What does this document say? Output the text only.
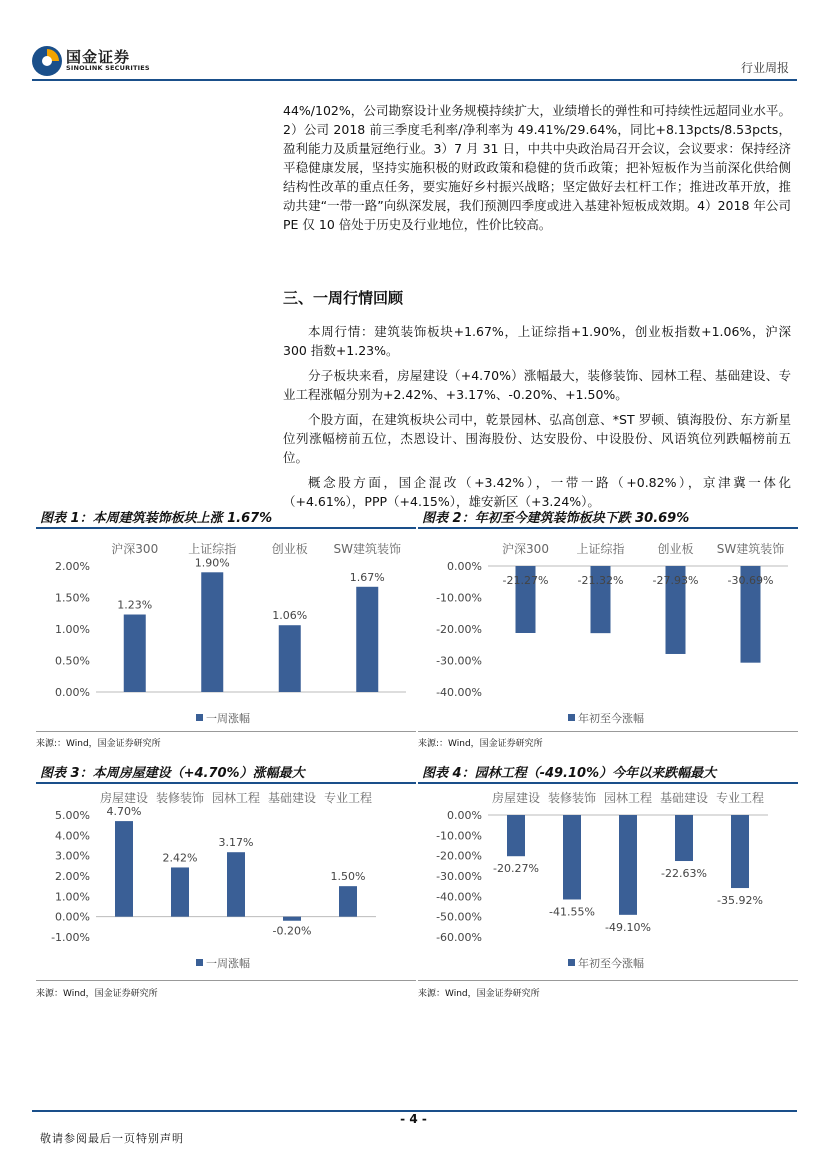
国金证券
SINOLINK SECURITIES	行业周报

44%/102%，公司勘察设计业务规模持续扩大，业绩增长的弹性和可持续性远超同业水平。2）公司 2018 前三季度毛利率/净利率为 49.41%/29.64%，同比+8.13pcts/8.53pcts，盈利能力及质量冠绝行业。3）7 月 31 日，中共中央政治局召开会议，会议要求：保持经济平稳健康发展，坚持实施积极的财政政策和稳健的货币政策；把补短板作为当前深化供给侧结构性改革的重点任务，要实施好乡村振兴战略；坚定做好去杠杆工作；推进改革开放，推动共建“一带一路”向纵深发展，我们预测四季度或进入基建补短板成效期。4）2018 年公司 PE 仅 10 倍处于历史及行业地位，性价比较高。

三、一周行情回顾

本周行情：建筑装饰板块+1.67%，上证综指+1.90%，创业板指数+1.06%，沪深 300 指数+1.23%。

分子板块来看，房屋建设（+4.70%）涨幅最大，装修装饰、园林工程、基础建设、专业工程涨幅分别为+2.42%、+3.17%、-0.20%、+1.50%。

个股方面，在建筑板块公司中，乾景园林、弘高创意、*ST 罗顿、镇海股份、东方新星位列涨幅榜前五位，杰恩设计、围海股份、达安股份、中设股份、风语筑位列跌幅榜前五位。

概念股方面，国企混改（+3.42%），一带一路（+0.82%），京津冀一体化（+4.61%），PPP（+4.15%），雄安新区（+3.24%）。

图表 1：本周建筑装饰板块上涨 1.67%
0.00%
0.50%
1.00%
1.50%
2.00%
沪深300	上证综指	创业板 SW建筑装饰
1.23%
1.90%
1.06%
1.67%
一周涨幅
来源:：Wind，国金证券研究所
图表 2：年初至今建筑装饰板块下跌 30.69%
0.00%
-10.00%
-20.00%
-30.00%
-40.00%
沪深300 上证综指	创业板 SW建筑装饰
-21.27%	-21.32%	-27.93%	-30.69%
年初至今涨幅
来源:：Wind，国金证券研究所
图表 3：本周房屋建设（+4.70%）涨幅最大
-1.00%
0.00%
1.00%
2.00%
3.00%
4.00%
5.00%
房屋建设 装修装饰 园林工程 基础建设 专业工程
4.70%
2.42%
3.17%
-0.20%
1.50%
一周涨幅
来源：Wind，国金证券研究所
图表 4：园林工程（-49.10%）今年以来跌幅最大
0.00%
-10.00%
-20.00%
-30.00%
-40.00%
-50.00%
-60.00%
房屋建设 装修装饰 园林工程 基础建设 专业工程
-20.27%
-41.55%
-49.10%
-22.63%
-35.92%
年初至今涨幅
来源：Wind，国金证券研究所
- 4 -
敬请参阅最后一页特别声明
